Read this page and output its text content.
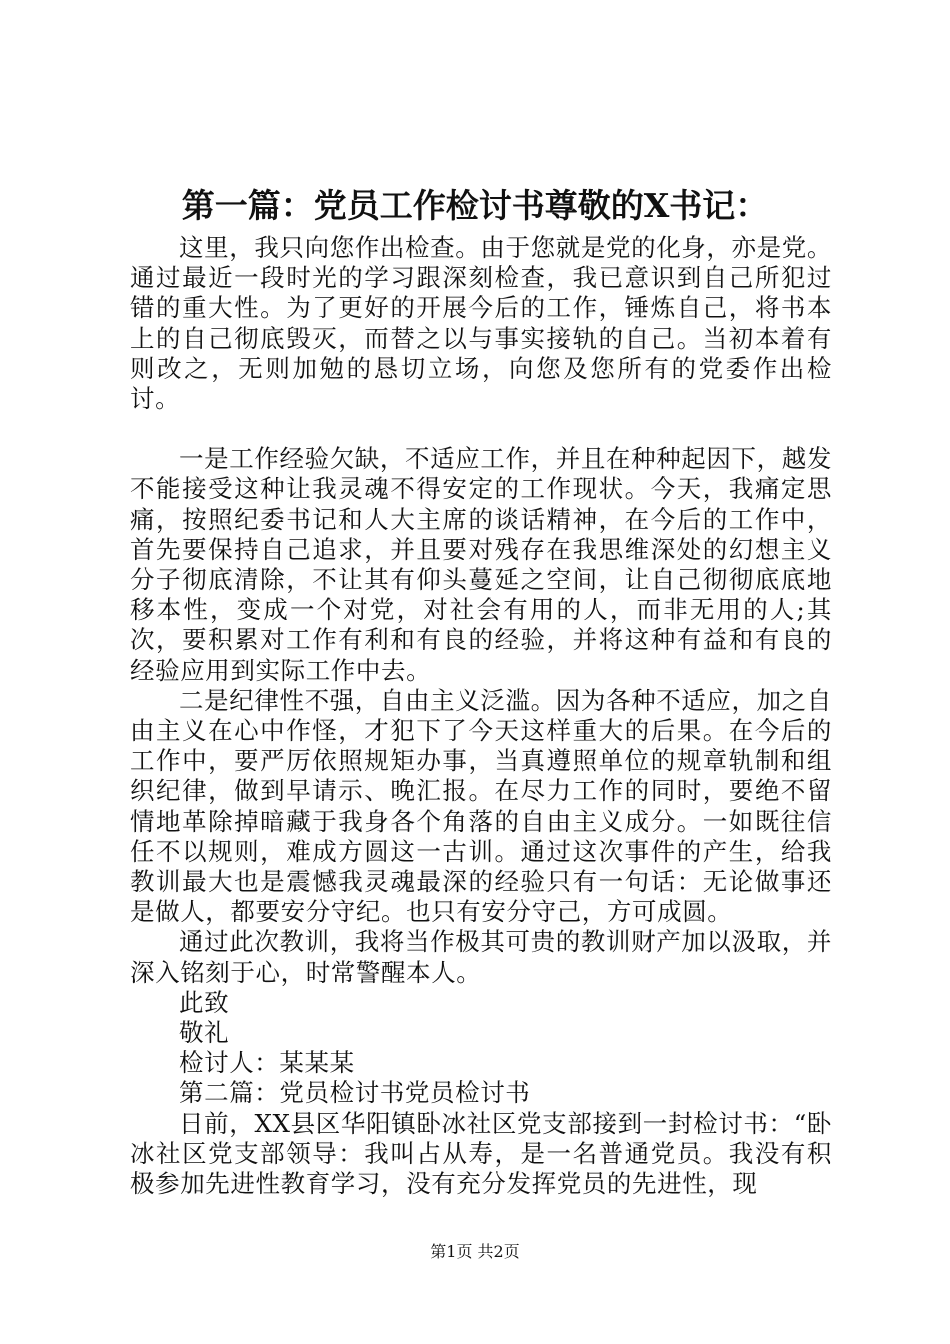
第一篇：党员工作检讨书尊敬的X书记：

这里，我只向您作出检查。由于您就是党的化身，亦是党。通过最近一段时光的学习跟深刻检查，我已意识到自己所犯过错的重大性。为了更好的开展今后的工作，锤炼自己，将书本上的自己彻底毁灭，而替之以与事实接轨的自己。当初本着有则改之，无则加勉的恳切立场，向您及您所有的党委作出检讨。

一是工作经验欠缺，不适应工作，并且在种种起因下，越发不能接受这种让我灵魂不得安定的工作现状。今天，我痛定思痛，按照纪委书记和人大主席的谈话精神，在今后的工作中，首先要保持自己追求，并且要对残存在我思维深处的幻想主义分子彻底清除，不让其有仰头蔓延之空间，让自己彻彻底底地移本性，变成一个对党，对社会有用的人，而非无用的人;其次，要积累对工作有利和有良的经验，并将这种有益和有良的经验应用到实际工作中去。

二是纪律性不强，自由主义泛滥。因为各种不适应，加之自由主义在心中作怪，才犯下了今天这样重大的后果。在今后的工作中，要严厉依照规矩办事，当真遵照单位的规章轨制和组织纪律，做到早请示、晚汇报。在尽力工作的同时，要绝不留情地革除掉暗藏于我身各个角落的自由主义成分。一如既往信任不以规则，难成方圆这一古训。通过这次事件的产生，给我教训最大也是震憾我灵魂最深的经验只有一句话：无论做事还是做人，都要安分守纪。也只有安分守己，方可成圆。

通过此次教训，我将当作极其可贵的教训财产加以汲取，并深入铭刻于心，时常警醒本人。

此致

敬礼

检讨人：某某某

第二篇：党员检讨书党员检讨书

日前，XX县区华阳镇卧冰社区党支部接到一封检讨书：“卧冰社区党支部领导：我叫占从寿，是一名普通党员。我没有积极参加先进性教育学习，没有充分发挥党员的先进性，现

第1页 共2页
